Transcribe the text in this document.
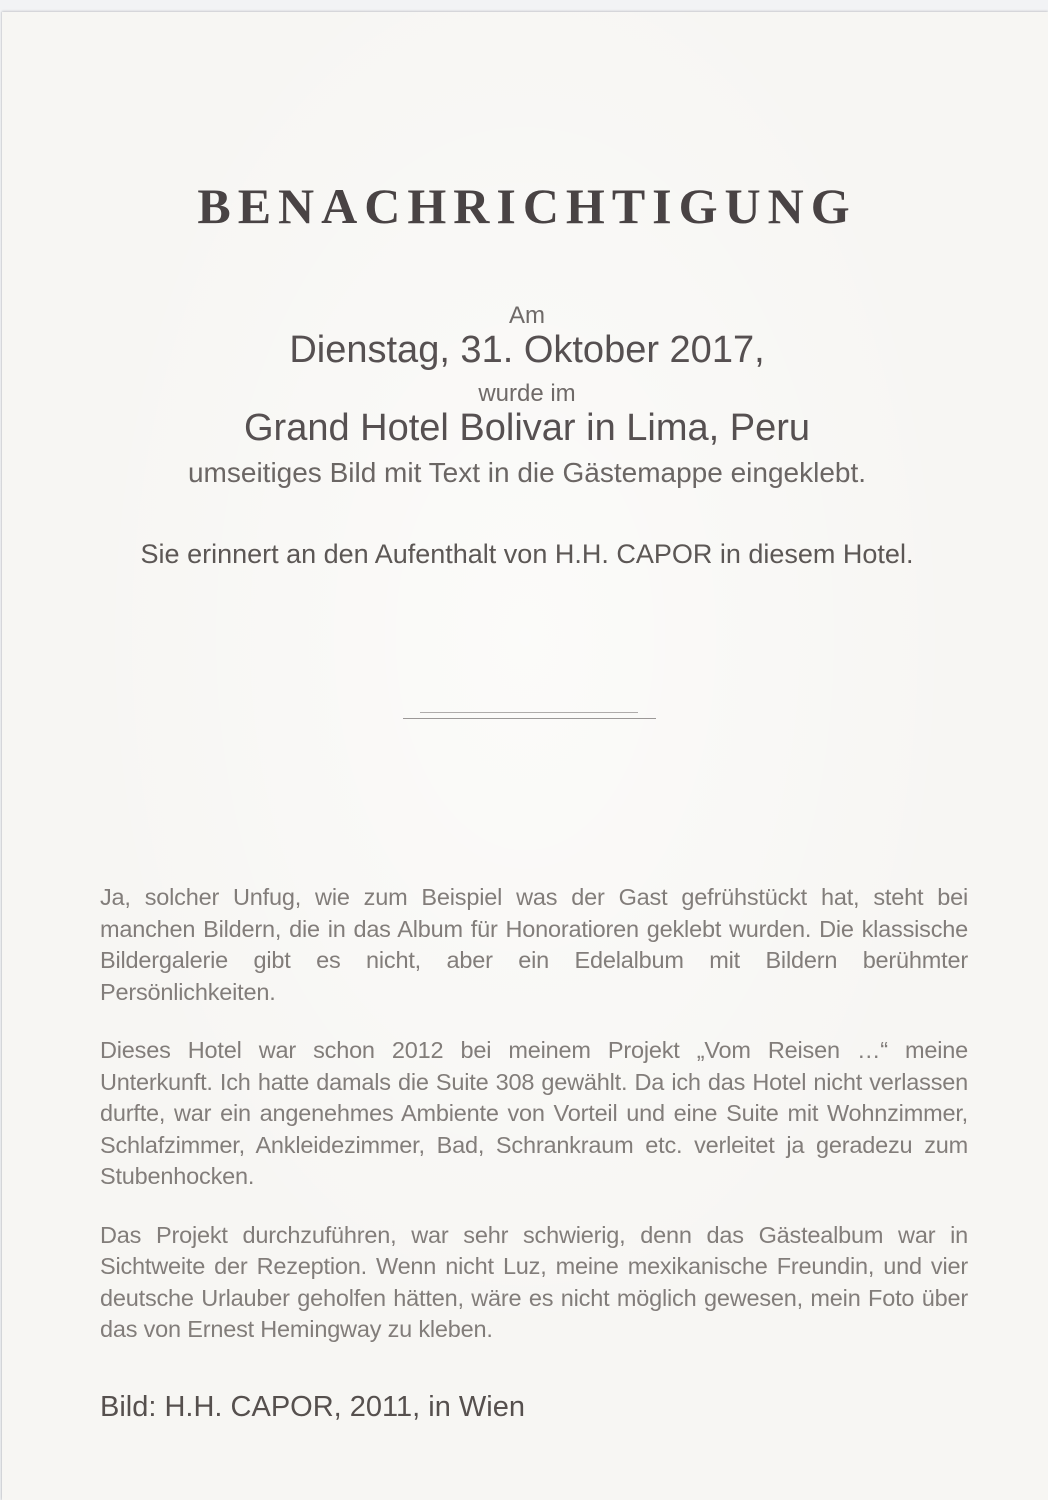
BENACHRICHTIGUNG
Am
Dienstag, 31. Oktober 2017,
wurde im
Grand Hotel Bolivar in Lima, Peru
umseitiges Bild mit Text in die Gästemappe eingeklebt.
Sie erinnert an den Aufenthalt von H.H. CAPOR in diesem Hotel.

Ja, solcher Unfug, wie zum Beispiel was der Gast gefrühstückt hat, steht bei manchen Bildern, die in das Album für Honoratioren geklebt wurden. Die klassische Bildergalerie gibt es nicht, aber ein Edelalbum mit Bildern berühmter Persönlichkeiten.

Dieses Hotel war schon 2012 bei meinem Projekt „Vom Reisen …“ meine Unterkunft. Ich hatte damals die Suite 308 gewählt. Da ich das Hotel nicht verlassen durfte, war ein angenehmes Ambiente von Vorteil und eine Suite mit Wohnzimmer, Schlafzimmer, Ankleidezimmer, Bad, Schrankraum etc. verleitet ja geradezu zum Stubenhocken.

Das Projekt durchzuführen, war sehr schwierig, denn das Gästealbum war in Sichtweite der Rezeption. Wenn nicht Luz, meine mexikanische Freundin, und vier deutsche Urlauber geholfen hätten, wäre es nicht möglich gewesen, mein Foto über das von Ernest Hemingway zu kleben.

Bild: H.H. CAPOR, 2011, in Wien
